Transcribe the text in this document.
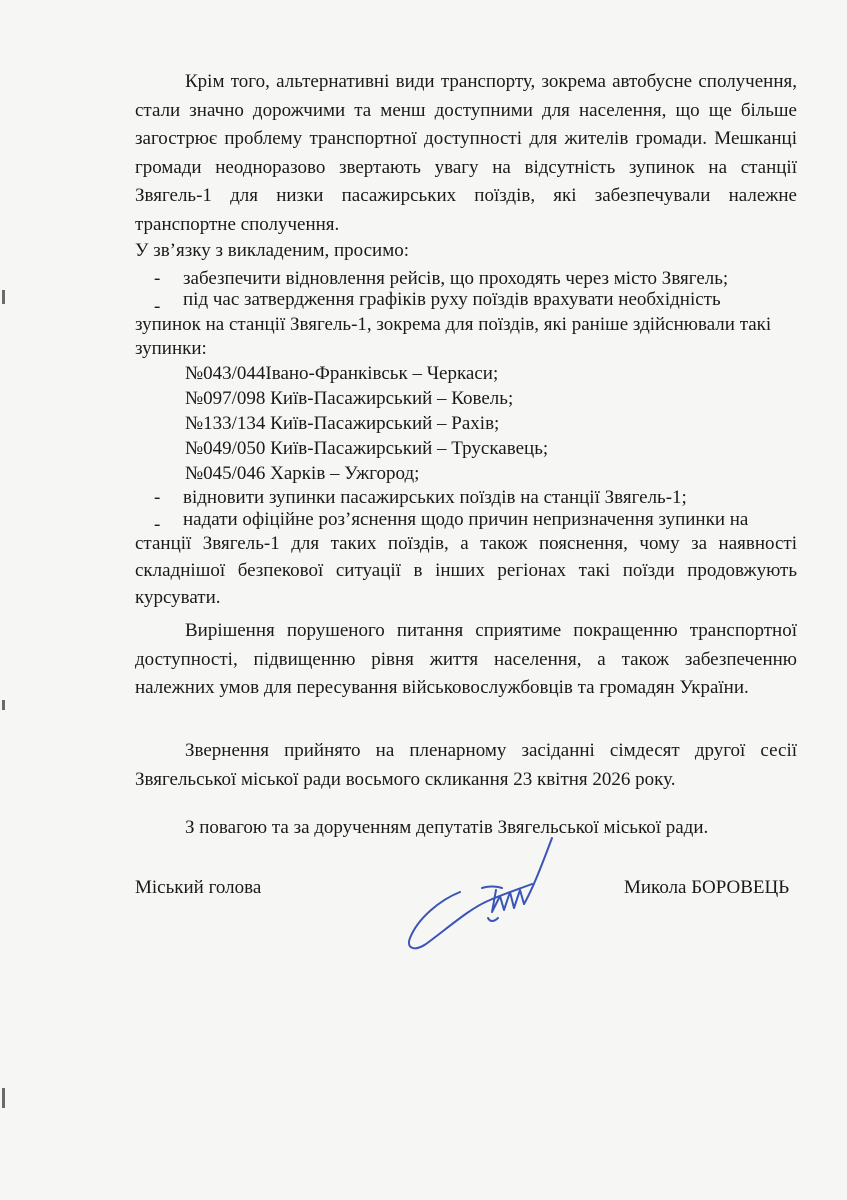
Крім того, альтернативні види транспорту, зокрема автобусне сполучення, стали значно дорожчими та менш доступними для населення, що ще більше загострює проблему транспортної доступності для жителів громади. Мешканці громади неодноразово звертають увагу на відсутність зупинок на станції Звягель-1 для низки пасажирських поїздів, які забезпечували належне транспортне сполучення.

У зв’язку з викладеним, просимо:
- забезпечити відновлення рейсів, що проходять через місто Звягель;
- під час затвердження графіків руху поїздів врахувати необхідність
зупинок на станції Звягель-1, зокрема для поїздів, які раніше здійснювали такі
зупинки:
№043/044Івано-Франківськ – Черкаси;
№097/098 Київ-Пасажирський – Ковель;
№133/134 Київ-Пасажирський – Рахів;
№049/050 Київ-Пасажирський – Трускавець;
№045/046 Харків – Ужгород;
- відновити зупинки пасажирських поїздів на станції Звягель-1;
- надати офіційне роз’яснення щодо причин непризначення зупинки на

станції Звягель-1 для таких поїздів, а також пояснення, чому за наявності складнішої безпекової ситуації в інших регіонах такі поїзди продовжують курсувати.

Вирішення порушеного питання сприятиме покращенню транспортної доступності, підвищенню рівня життя населення, а також забезпеченню належних умов для пересування військовослужбовців та громадян України.

Звернення прийнято на пленарному засіданні сімдесят другої сесії Звягельської міської ради восьмого скликання 23 квітня 2026 року.

З повагою та за дорученням депутатів Звягельської міської ради.
Міський голова	Микола БОРОВЕЦЬ
